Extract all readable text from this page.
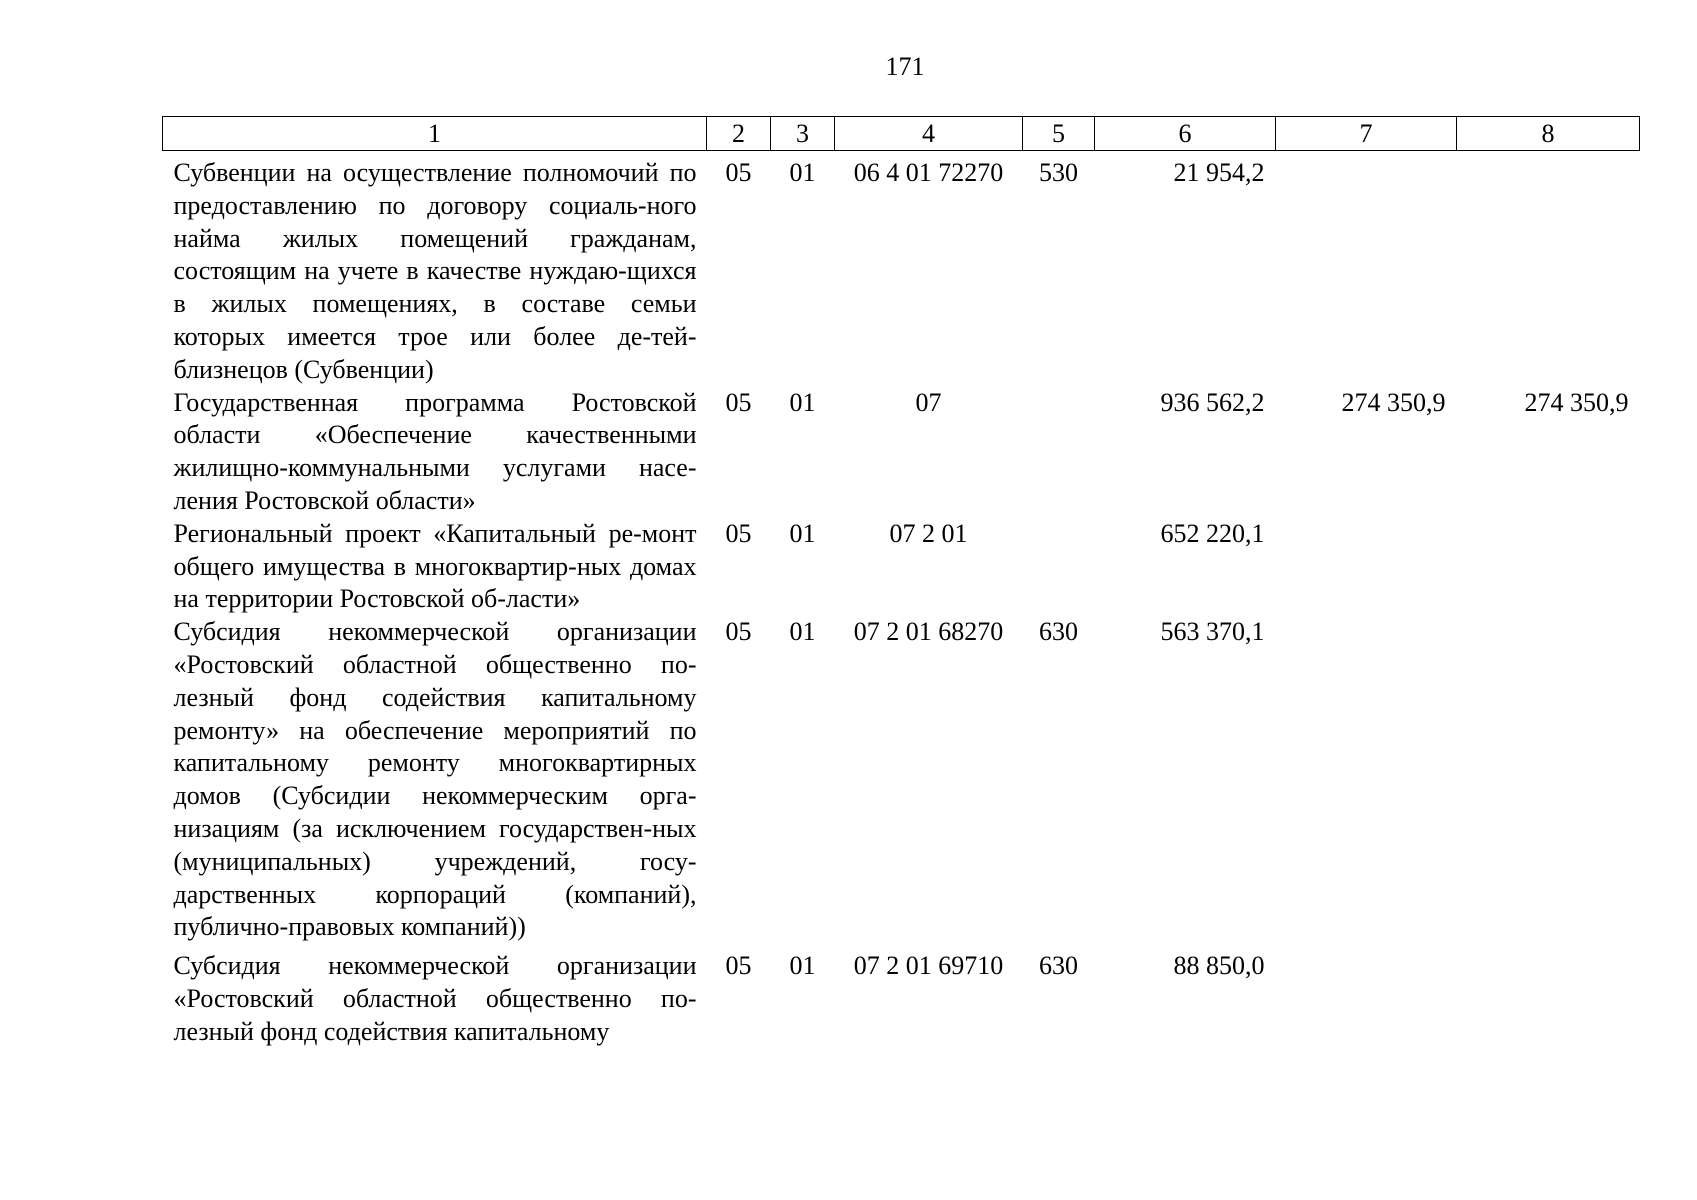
171
1	2	3	4	5	6	7	8
Субвенции на осуществление полномочий по предоставлению по договору социаль-ного найма жилых помещений гражданам, состоящим на учете в качестве нуждаю-щихся в жилых помещениях, в составе семьи которых имеется трое или более де-тей-близнецов (Субвенции)	05	01	06 4 01 72270	530	21 954,2		
Государственная программа Ростовской области «Обеспечение качественными жилищно-коммунальными услугами насе-ления Ростовской области»	05	01	07		936 562,2	274 350,9	274 350,9
Региональный проект «Капитальный ре-монт общего имущества в многоквартир-ных домах на территории Ростовской об-ласти»	05	01	07 2 01		652 220,1		
Субсидия некоммерческой организации «Ростовский областной общественно по-лезный фонд содействия капитальному ремонту» на обеспечение мероприятий по капитальному ремонту многоквартирных домов (Субсидии некоммерческим орга-низациям (за исключением государствен-ных (муниципальных) учреждений, госу-дарственных корпораций (компаний), публично-правовых компаний))	05	01	07 2 01 68270	630	563 370,1		
Субсидия некоммерческой организации «Ростовский областной общественно по-лезный фонд содействия капитальному	05	01	07 2 01 69710	630	88 850,0		
